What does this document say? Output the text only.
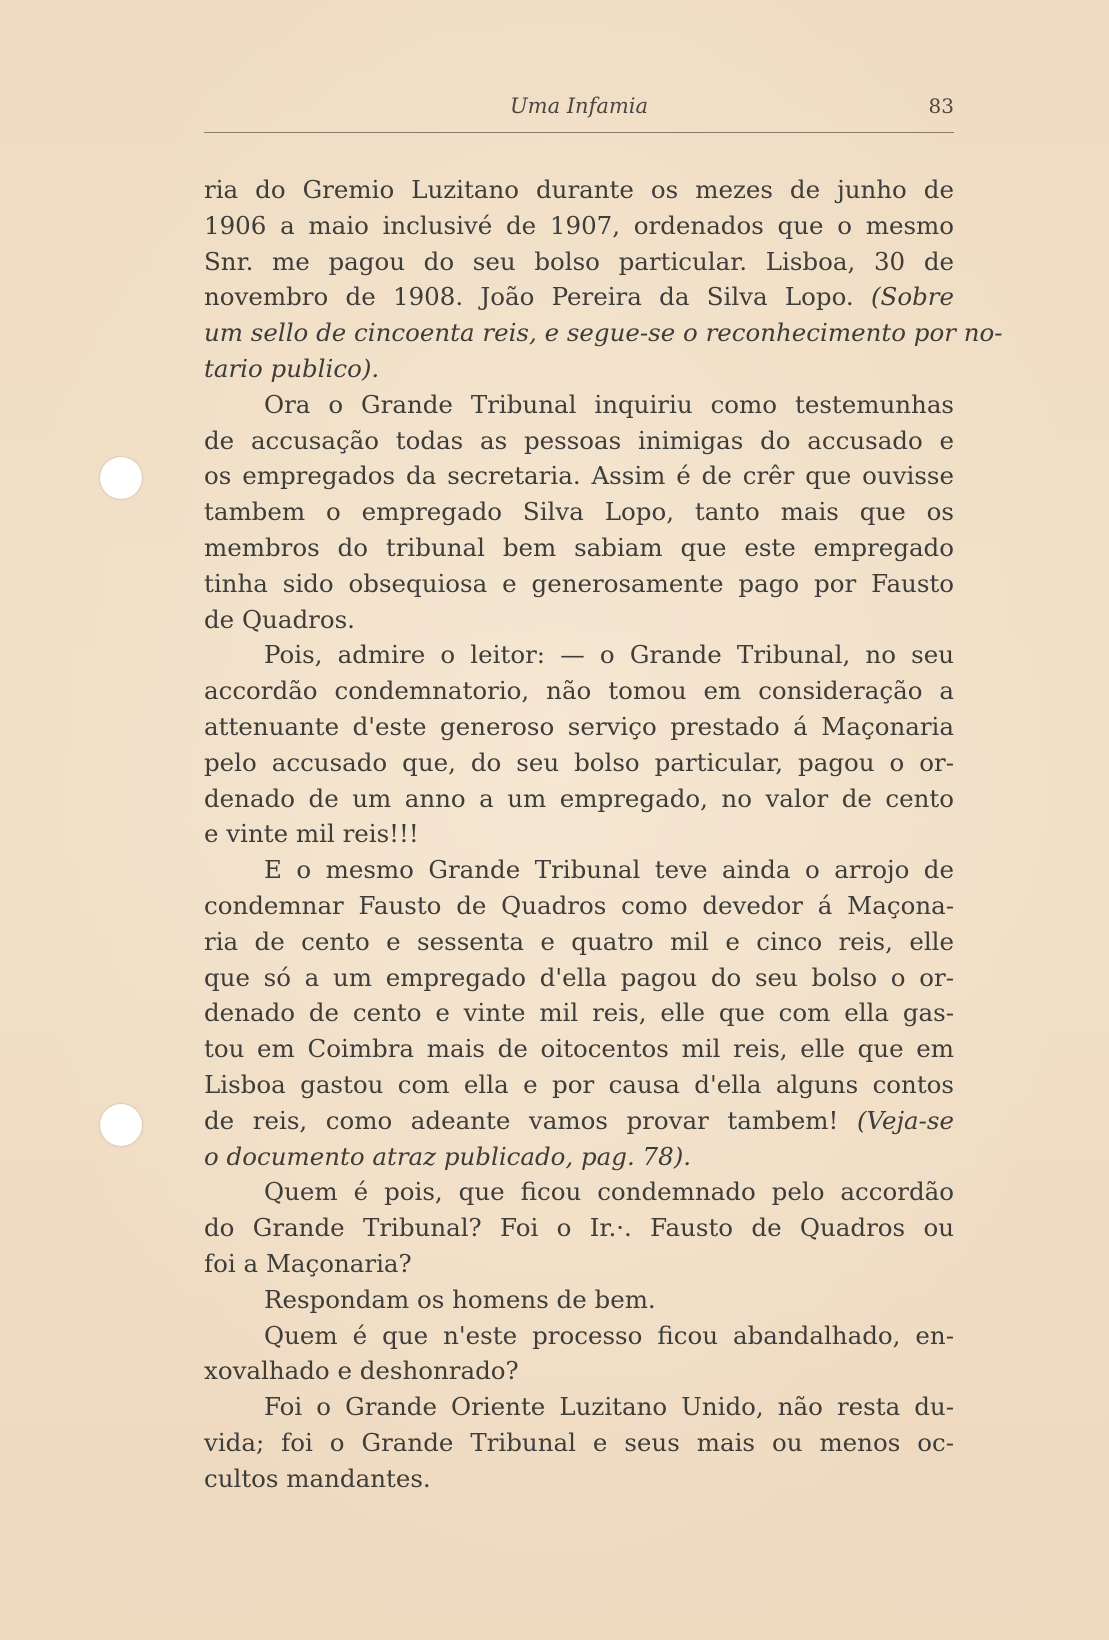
Uma Infamia	83
ria do Gremio Luzitano durante os mezes de junho de
1906 a maio inclusivé de 1907, ordenados que o mesmo
Snr. me pagou do seu bolso particular. Lisboa, 30 de
novembro de 1908. João Pereira da Silva Lopo. (Sobre
um sello de cincoenta reis, e segue-se o reconhecimento por no-
tario publico).
Ora o Grande Tribunal inquiriu como testemunhas
de accusação todas as pessoas inimigas do accusado e
os empregados da secretaria. Assim é de crêr que ouvisse
tambem o empregado Silva Lopo, tanto mais que os
membros do tribunal bem sabiam que este empregado
tinha sido obsequiosa e generosamente pago por Fausto
de Quadros.
Pois, admire o leitor: — o Grande Tribunal, no seu
accordão condemnatorio, não tomou em consideração a
attenuante d'este generoso serviço prestado á Maçonaria
pelo accusado que, do seu bolso particular, pagou o or-
denado de um anno a um empregado, no valor de cento
e vinte mil reis!!!
E o mesmo Grande Tribunal teve ainda o arrojo de
condemnar Fausto de Quadros como devedor á Maçona-
ria de cento e sessenta e quatro mil e cinco reis, elle
que só a um empregado d'ella pagou do seu bolso o or-
denado de cento e vinte mil reis, elle que com ella gas-
tou em Coimbra mais de oitocentos mil reis, elle que em
Lisboa gastou com ella e por causa d'ella alguns contos
de reis, como adeante vamos provar tambem! (Veja-se
o documento atraz publicado, pag. 78).
Quem é pois, que ficou condemnado pelo accordão
do Grande Tribunal? Foi o Ir.·. Fausto de Quadros ou
foi a Maçonaria?
Respondam os homens de bem.
Quem é que n'este processo ficou abandalhado, en-
xovalhado e deshonrado?
Foi o Grande Oriente Luzitano Unido, não resta du-
vida; foi o Grande Tribunal e seus mais ou menos oc-
cultos mandantes.
